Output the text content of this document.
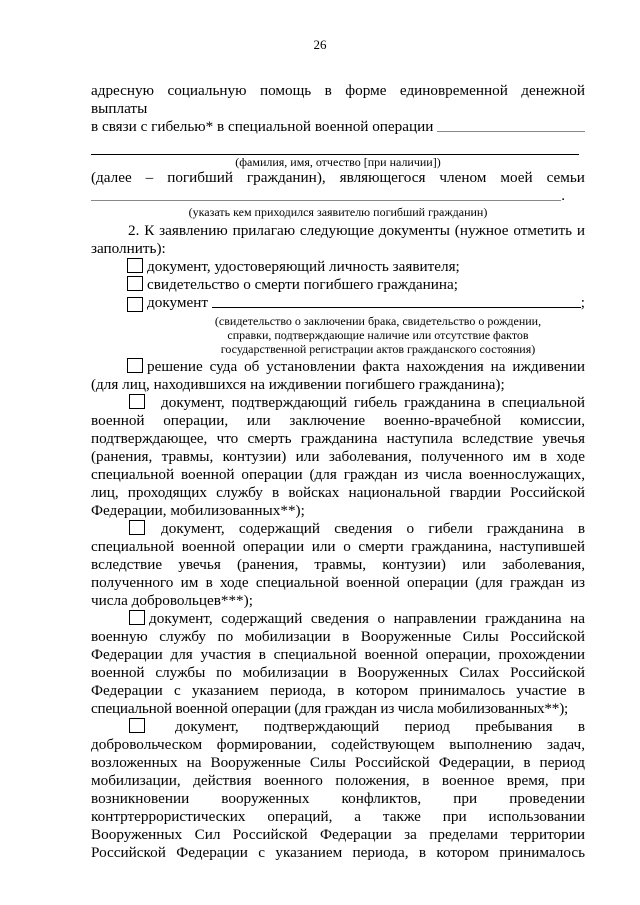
26
адресную социальную помощь в форме единовременной денежной выплаты
в связи с гибелью* в специальной военной операции
(фамилия, имя, отчество [при наличии])
(далее – погибший гражданин), являющегося членом моей семьи
.
(указать кем приходился заявителю погибший гражданин)
2. К заявлению прилагаю следующие документы (нужное отметить и
заполнить):
документ, удостоверяющий личность заявителя;
свидетельство о смерти погибшего гражданина;
документ	;
(свидетельство о заключении брака, свидетельство о рождении,
справки, подтверждающие наличие или отсутствие фактов
государственной регистрации актов гражданского состояния)
решение суда об установлении факта нахождения на иждивении
(для лиц, находившихся на иждивении погибшего гражданина);
документ, подтверждающий гибель гражданина в специальной
военной операции, или заключение военно-врачебной комиссии,
подтверждающее, что смерть гражданина наступила вследствие увечья
(ранения, травмы, контузии) или заболевания, полученного им в ходе
специальной военной операции (для граждан из числа военнослужащих,
лиц, проходящих службу в войсках национальной гвардии Российской
Федерации, мобилизованных**);
документ, содержащий сведения о гибели гражданина в
специальной военной операции или о смерти гражданина, наступившей
вследствие увечья (ранения, травмы, контузии) или заболевания,
полученного им в ходе специальной военной операции (для граждан из
числа добровольцев***);
документ, содержащий сведения о направлении гражданина на
военную службу по мобилизации в Вооруженные Силы Российской
Федерации для участия в специальной военной операции, прохождении
военной службы по мобилизации в Вооруженных Силах Российской
Федерации с указанием периода, в котором принималось участие в
специальной военной операции (для граждан из числа мобилизованных**);
документ, подтверждающий период пребывания в
добровольческом формировании, содействующем выполнению задач,
возложенных на Вооруженные Силы Российской Федерации, в период
мобилизации, действия военного положения, в военное время, при
возникновении вооруженных конфликтов, при проведении
контртеррористических операций, а также при использовании
Вооруженных Сил Российской Федерации за пределами территории
Российской Федерации с указанием периода, в котором принималось
